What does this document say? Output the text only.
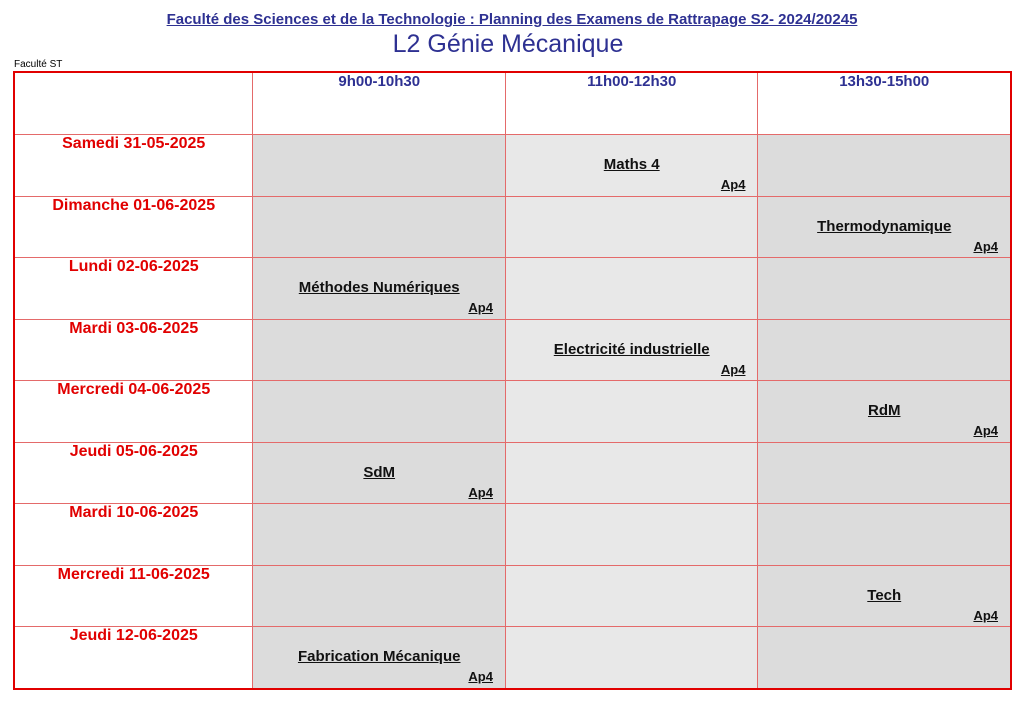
Faculté des Sciences et de la Technologie : Planning des Examens de Rattrapage S2- 2024/20245
L2 Génie Mécanique
Faculté ST
	9h00-10h30	11h00-12h30	13h30-15h00
Samedi 31-05-2025		Maths 4
Ap4	

Dimanche 01-06-2025			Thermodynamique
Ap4

Lundi 02-06-2025	Méthodes Numériques
Ap4		

Mardi 03-06-2025		Electricité industrielle
Ap4	

Mercredi 04-06-2025			RdM
Ap4

Jeudi 05-06-2025	SdM
Ap4		

Mardi 10-06-2025			
Mercredi 11-06-2025			Tech
Ap4

Jeudi 12-06-2025	Fabrication Mécanique
Ap4		
